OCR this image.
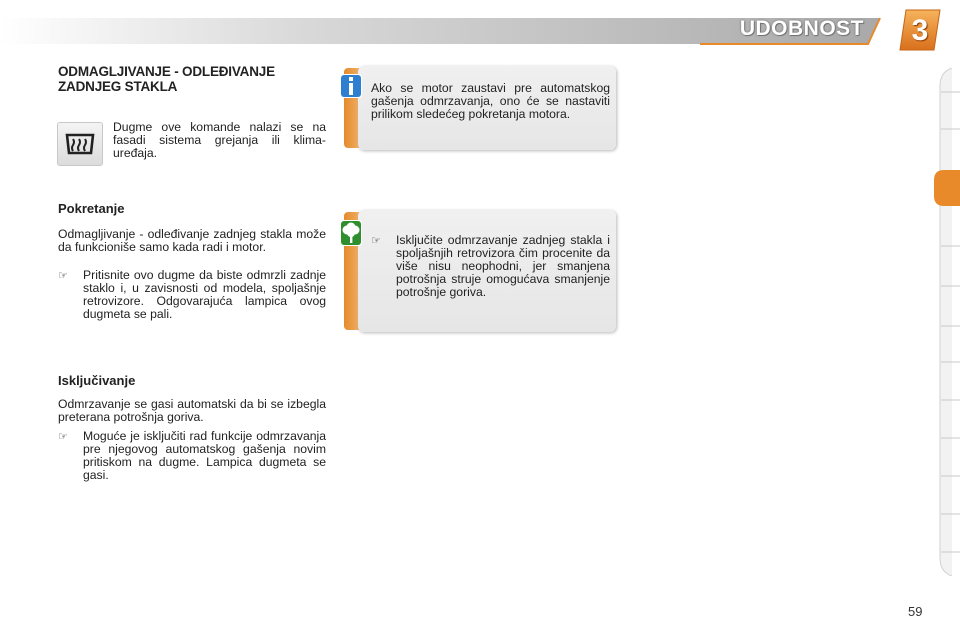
UDOBNOST	3
ODMAGLJIVANJE - ODLEĐIVANJE ZADNJEG STAKLA
Dugme ove komande nalazi se na fasadi sistema grejanja ili klima-uređaja.
Pokretanje
Odmagljivanje - odleđivanje zadnjeg stakla može da funkcioniše samo kada radi i motor.
☞ Pritisnite ovo dugme da biste odmrzli zadnje staklo i, u zavisnosti od modela, spoljašnje retrovizore. Odgovarajuća lampica ovog dugmeta se pali.
Isključivanje
Odmrzavanje se gasi automatski da bi se izbegla preterana potrošnja goriva.
☞ Moguće je isključiti rad funkcije odmrzavanja pre njegovog automatskog gašenja novim pritiskom na dugme. Lampica dugmeta se gasi.
Ako se motor zaustavi pre automatskog gašenja odmrzavanja, ono će se nastaviti prilikom sledećeg pokretanja motora.
☞ Isključite odmrzavanje zadnjeg stakla i spoljašnjih retrovizora čim procenite da više nisu neophodni, jer smanjena potrošnja struje omogućava smanjenje potrošnje goriva.
59
